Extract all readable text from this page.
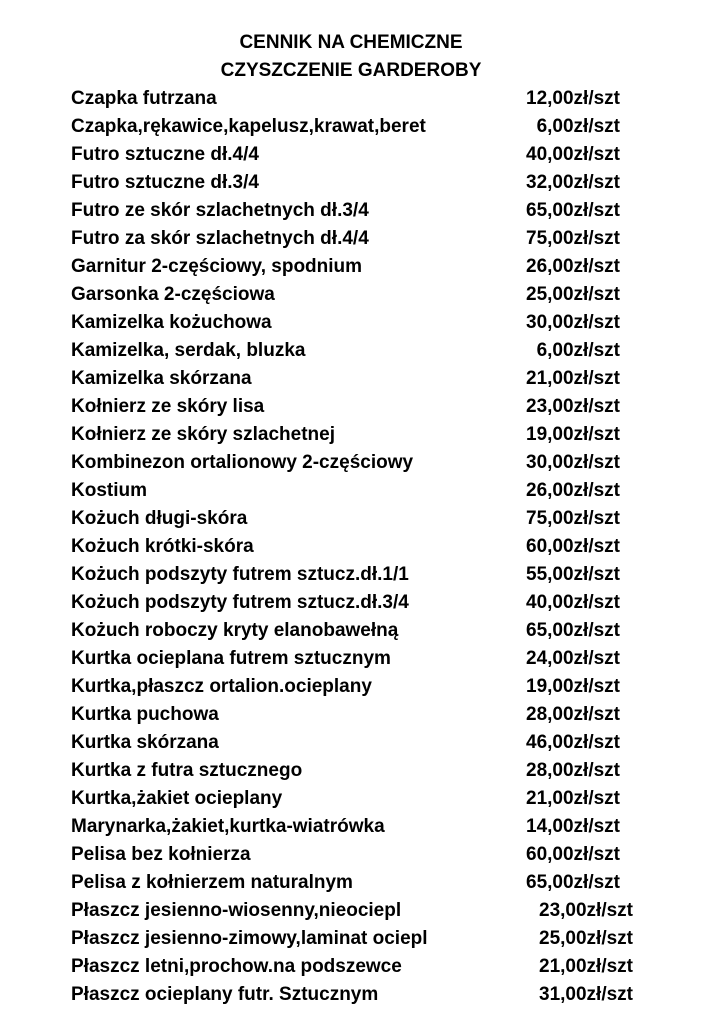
CENNIK NA CHEMICZNE
CZYSZCZENIE GARDEROBY
Czapka futrzana	12,00zł/szt
Czapka,rękawice,kapelusz,krawat,beret	6,00zł/szt
Futro sztuczne dł.4/4	40,00zł/szt
Futro sztuczne dł.3/4	32,00zł/szt
Futro ze skór szlachetnych dł.3/4	65,00zł/szt
Futro za skór szlachetnych dł.4/4	75,00zł/szt
Garnitur 2-częściowy, spodnium	26,00zł/szt
Garsonka 2-częściowa	25,00zł/szt
Kamizelka kożuchowa	30,00zł/szt
Kamizelka, serdak, bluzka	6,00zł/szt
Kamizelka skórzana	21,00zł/szt
Kołnierz ze skóry lisa	23,00zł/szt
Kołnierz ze skóry szlachetnej	19,00zł/szt
Kombinezon ortalionowy 2-częściowy	30,00zł/szt
Kostium	26,00zł/szt
Kożuch długi-skóra	75,00zł/szt
Kożuch krótki-skóra	60,00zł/szt
Kożuch podszyty futrem sztucz.dł.1/1	55,00zł/szt
Kożuch podszyty futrem sztucz.dł.3/4	40,00zł/szt
Kożuch roboczy kryty elanobawełną	65,00zł/szt
Kurtka ocieplana futrem sztucznym	24,00zł/szt
Kurtka,płaszcz ortalion.ocieplany	19,00zł/szt
Kurtka puchowa	28,00zł/szt
Kurtka skórzana	46,00zł/szt
Kurtka z futra sztucznego	28,00zł/szt
Kurtka,żakiet ocieplany	21,00zł/szt
Marynarka,żakiet,kurtka-wiatrówka	14,00zł/szt
Pelisa bez kołnierza	60,00zł/szt
Pelisa z kołnierzem naturalnym	65,00zł/szt
Płaszcz jesienno-wiosenny,nieociepl	23,00zł/szt
Płaszcz jesienno-zimowy,laminat ociepl	25,00zł/szt
Płaszcz letni,prochow.na podszewce	21,00zł/szt
Płaszcz ocieplany futr. Sztucznym	31,00zł/szt
